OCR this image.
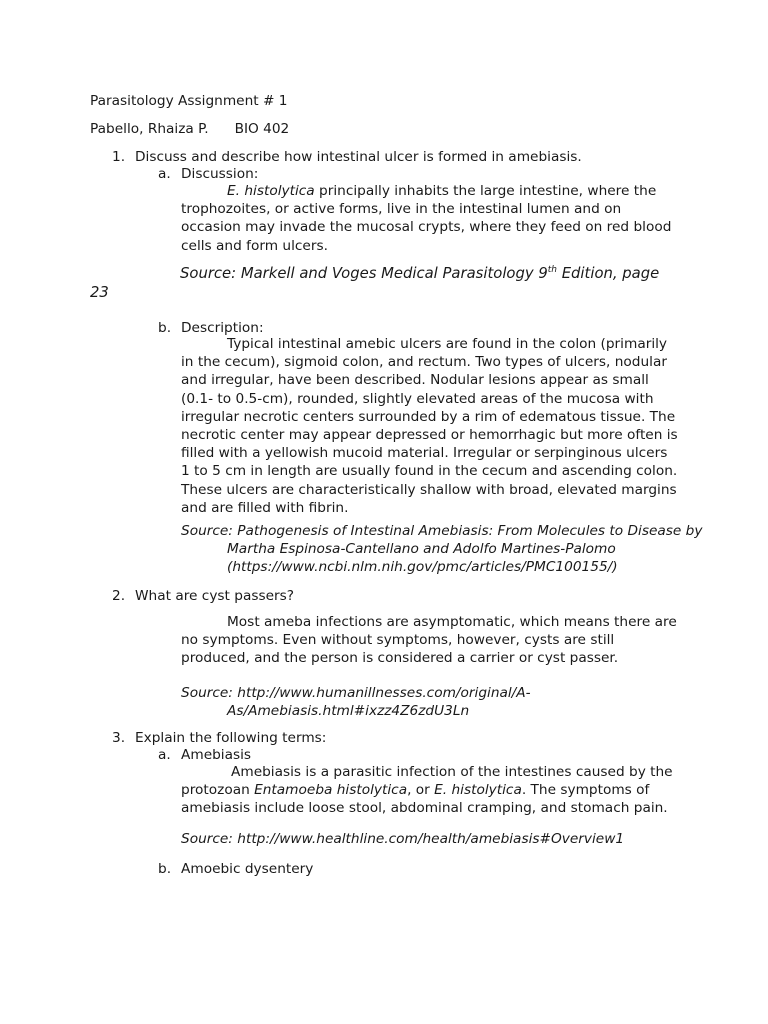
Parasitology Assignment # 1
Pabello, Rhaiza P. BIO 402
1. Discuss and describe how intestinal ulcer is formed in amebiasis.
a. Discussion:
E. histolytica principally inhabits the large intestine, where the trophozoites, or active forms, live in the intestinal lumen and on occasion may invade the mucosal crypts, where they feed on red blood cells and form ulcers.
Source: Markell and Voges Medical Parasitology 9th Edition, page
23
b. Description:
Typical intestinal amebic ulcers are found in the colon (primarily in the cecum), sigmoid colon, and rectum. Two types of ulcers, nodular and irregular, have been described. Nodular lesions appear as small (0.1- to 0.5-cm), rounded, slightly elevated areas of the mucosa with irregular necrotic centers surrounded by a rim of edematous tissue. The necrotic center may appear depressed or hemorrhagic but more often is filled with a yellowish mucoid material. Irregular or serpinginous ulcers 1 to 5 cm in length are usually found in the cecum and ascending colon. These ulcers are characteristically shallow with broad, elevated margins and are filled with fibrin.
Source: Pathogenesis of Intestinal Amebiasis: From Molecules to Disease by Martha Espinosa-Cantellano and Adolfo Martines-Palomo (https://www.ncbi.nlm.nih.gov/pmc/articles/PMC100155/)
2. What are cyst passers?
Most ameba infections are asymptomatic, which means there are no symptoms. Even without symptoms, however, cysts are still produced, and the person is considered a carrier or cyst passer.
Source: http://www.humanillnesses.com/original/A-As/Amebiasis.html#ixzz4Z6zdU3Ln
3. Explain the following terms:
a. Amebiasis
Amebiasis is a parasitic infection of the intestines caused by the protozoan Entamoeba histolytica, or E. histolytica. The symptoms of amebiasis include loose stool, abdominal cramping, and stomach pain.
Source: http://www.healthline.com/health/amebiasis#Overview1
b. Amoebic dysentery
